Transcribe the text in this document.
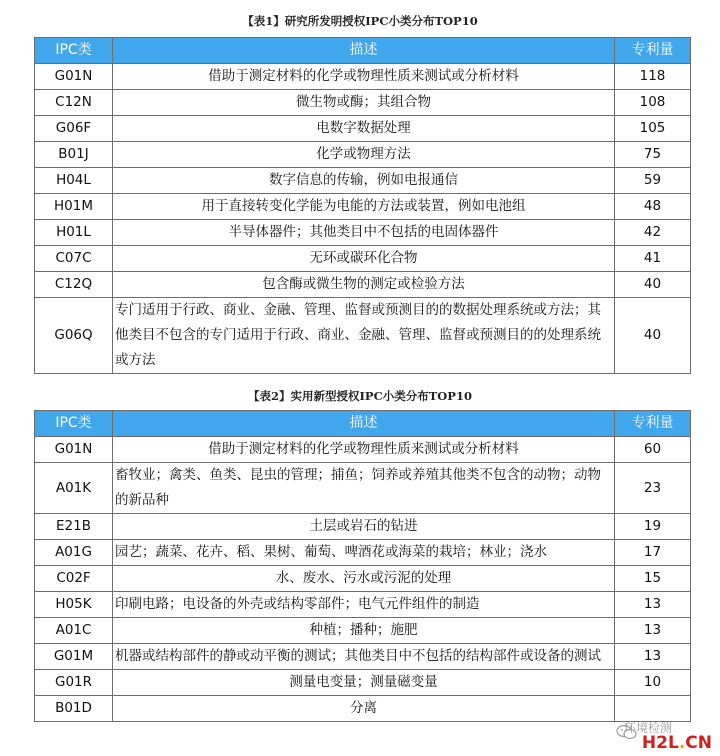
【表1】研究所发明授权IPC小类分布TOP10
IPC类	描述	专利量
G01N	借助于测定材料的化学或物理性质来测试或分析材料	118
C12N	微生物或酶；其组合物	108
G06F	电数字数据处理	105
B01J	化学或物理方法	75
H04L	数字信息的传输，例如电报通信	59
H01M	用于直接转变化学能为电能的方法或装置，例如电池组	48
H01L	半导体器件；其他类目中不包括的电固体器件	42
C07C	无环或碳环化合物	41
C12Q	包含酶或微生物的测定或检验方法	40
G06Q	专门适用于行政、商业、金融、管理、监督或预测目的的数据处理系统或方法；其他类目不包含的专门适用于行政、商业、金融、管理、监督或预测目的的处理系统或方法	40
【表2】实用新型授权IPC小类分布TOP10
IPC类	描述	专利量
G01N	借助于测定材料的化学或物理性质来测试或分析材料	60
A01K	畜牧业；禽类、鱼类、昆虫的管理；捕鱼；饲养或养殖其他类不包含的动物；动物的新品种	23
E21B	土层或岩石的钻进	19
A01G	园艺；蔬菜、花卉、稻、果树、葡萄、啤酒花或海菜的栽培；林业；浇水	17
C02F	水、废水、污水或污泥的处理	15
H05K	印刷电路；电设备的外壳或结构零部件；电气元件组件的制造	13
A01C	种植；播种；施肥	13
G01M	机器或结构部件的静或动平衡的测试；其他类目中不包括的结构部件或设备的测试	13
G01R	测量电变量；测量磁变量	10
B01D	分离	
环境检测
H2L.CN
